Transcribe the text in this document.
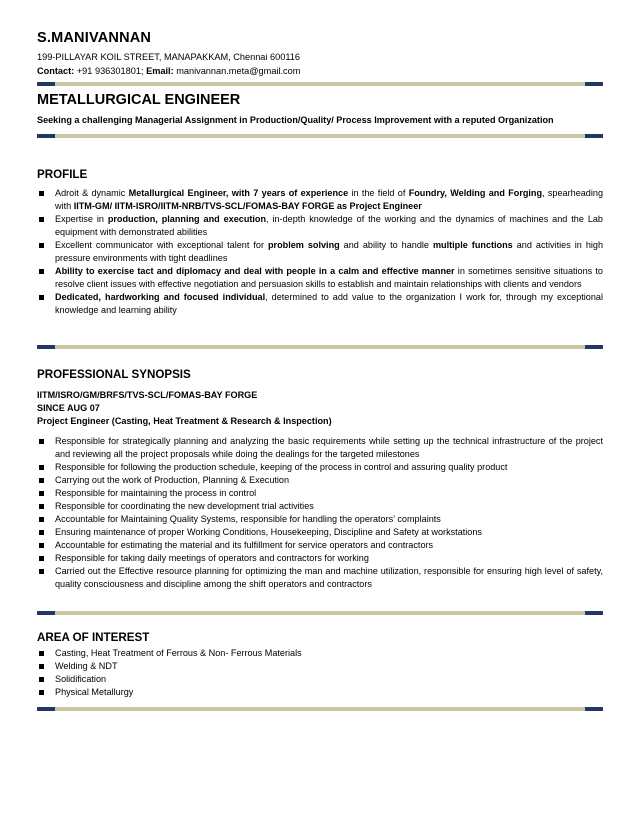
S.MANIVANNAN
199-PILLAYAR KOIL STREET, MANAPAKKAM, Chennai 600116
Contact: +91 936301801; Email: manivannan.meta@gmail.com
METALLURGICAL ENGINEER
Seeking a challenging Managerial Assignment in Production/Quality/ Process Improvement with a reputed Organization
PROFILE
Adroit & dynamic Metallurgical Engineer, with 7 years of experience in the field of Foundry, Welding and Forging, spearheading with IITM-GM/ IITM-ISRO/IITM-NRB/TVS-SCL/FOMAS-BAY FORGE as Project Engineer
Expertise in production, planning and execution, in-depth knowledge of the working and the dynamics of machines and the Lab equipment with demonstrated abilities
Excellent communicator with exceptional talent for problem solving and ability to handle multiple functions and activities in high pressure environments with tight deadlines
Ability to exercise tact and diplomacy and deal with people in a calm and effective manner in sometimes sensitive situations to resolve client issues with effective negotiation and persuasion skills to establish and maintain relationships with clients and vendors
Dedicated, hardworking and focused individual, determined to add value to the organization I work for, through my exceptional knowledge and learning ability
PROFESSIONAL SYNOPSIS
IITM/ISRO/GM/BRFS/TVS-SCL/FOMAS-BAY FORGE
SINCE AUG 07
Project Engineer (Casting, Heat Treatment & Research & Inspection)
Responsible for strategically planning and analyzing the basic requirements while setting up the technical infrastructure of the project and reviewing all the project proposals while doing the dealings for the targeted milestones
Responsible for following the production schedule, keeping of the process in control and assuring quality product
Carrying out the work of Production, Planning & Execution
Responsible for maintaining the process in control
Responsible for coordinating the new development trial activities
Accountable for Maintaining Quality Systems, responsible for handling the operators’ complaints
Ensuring maintenance of proper Working Conditions, Housekeeping, Discipline and Safety at workstations
Accountable for estimating the material and its fulfillment for service operators and contractors
Responsible for taking daily meetings of operators and contractors for working
Carried out the Effective resource planning for optimizing the man and machine utilization, responsible for ensuring high level of safety, quality consciousness and discipline among the shift operators and contractors
AREA OF INTEREST
Casting, Heat Treatment of Ferrous & Non- Ferrous Materials
Welding & NDT
Solidification
Physical Metallurgy
